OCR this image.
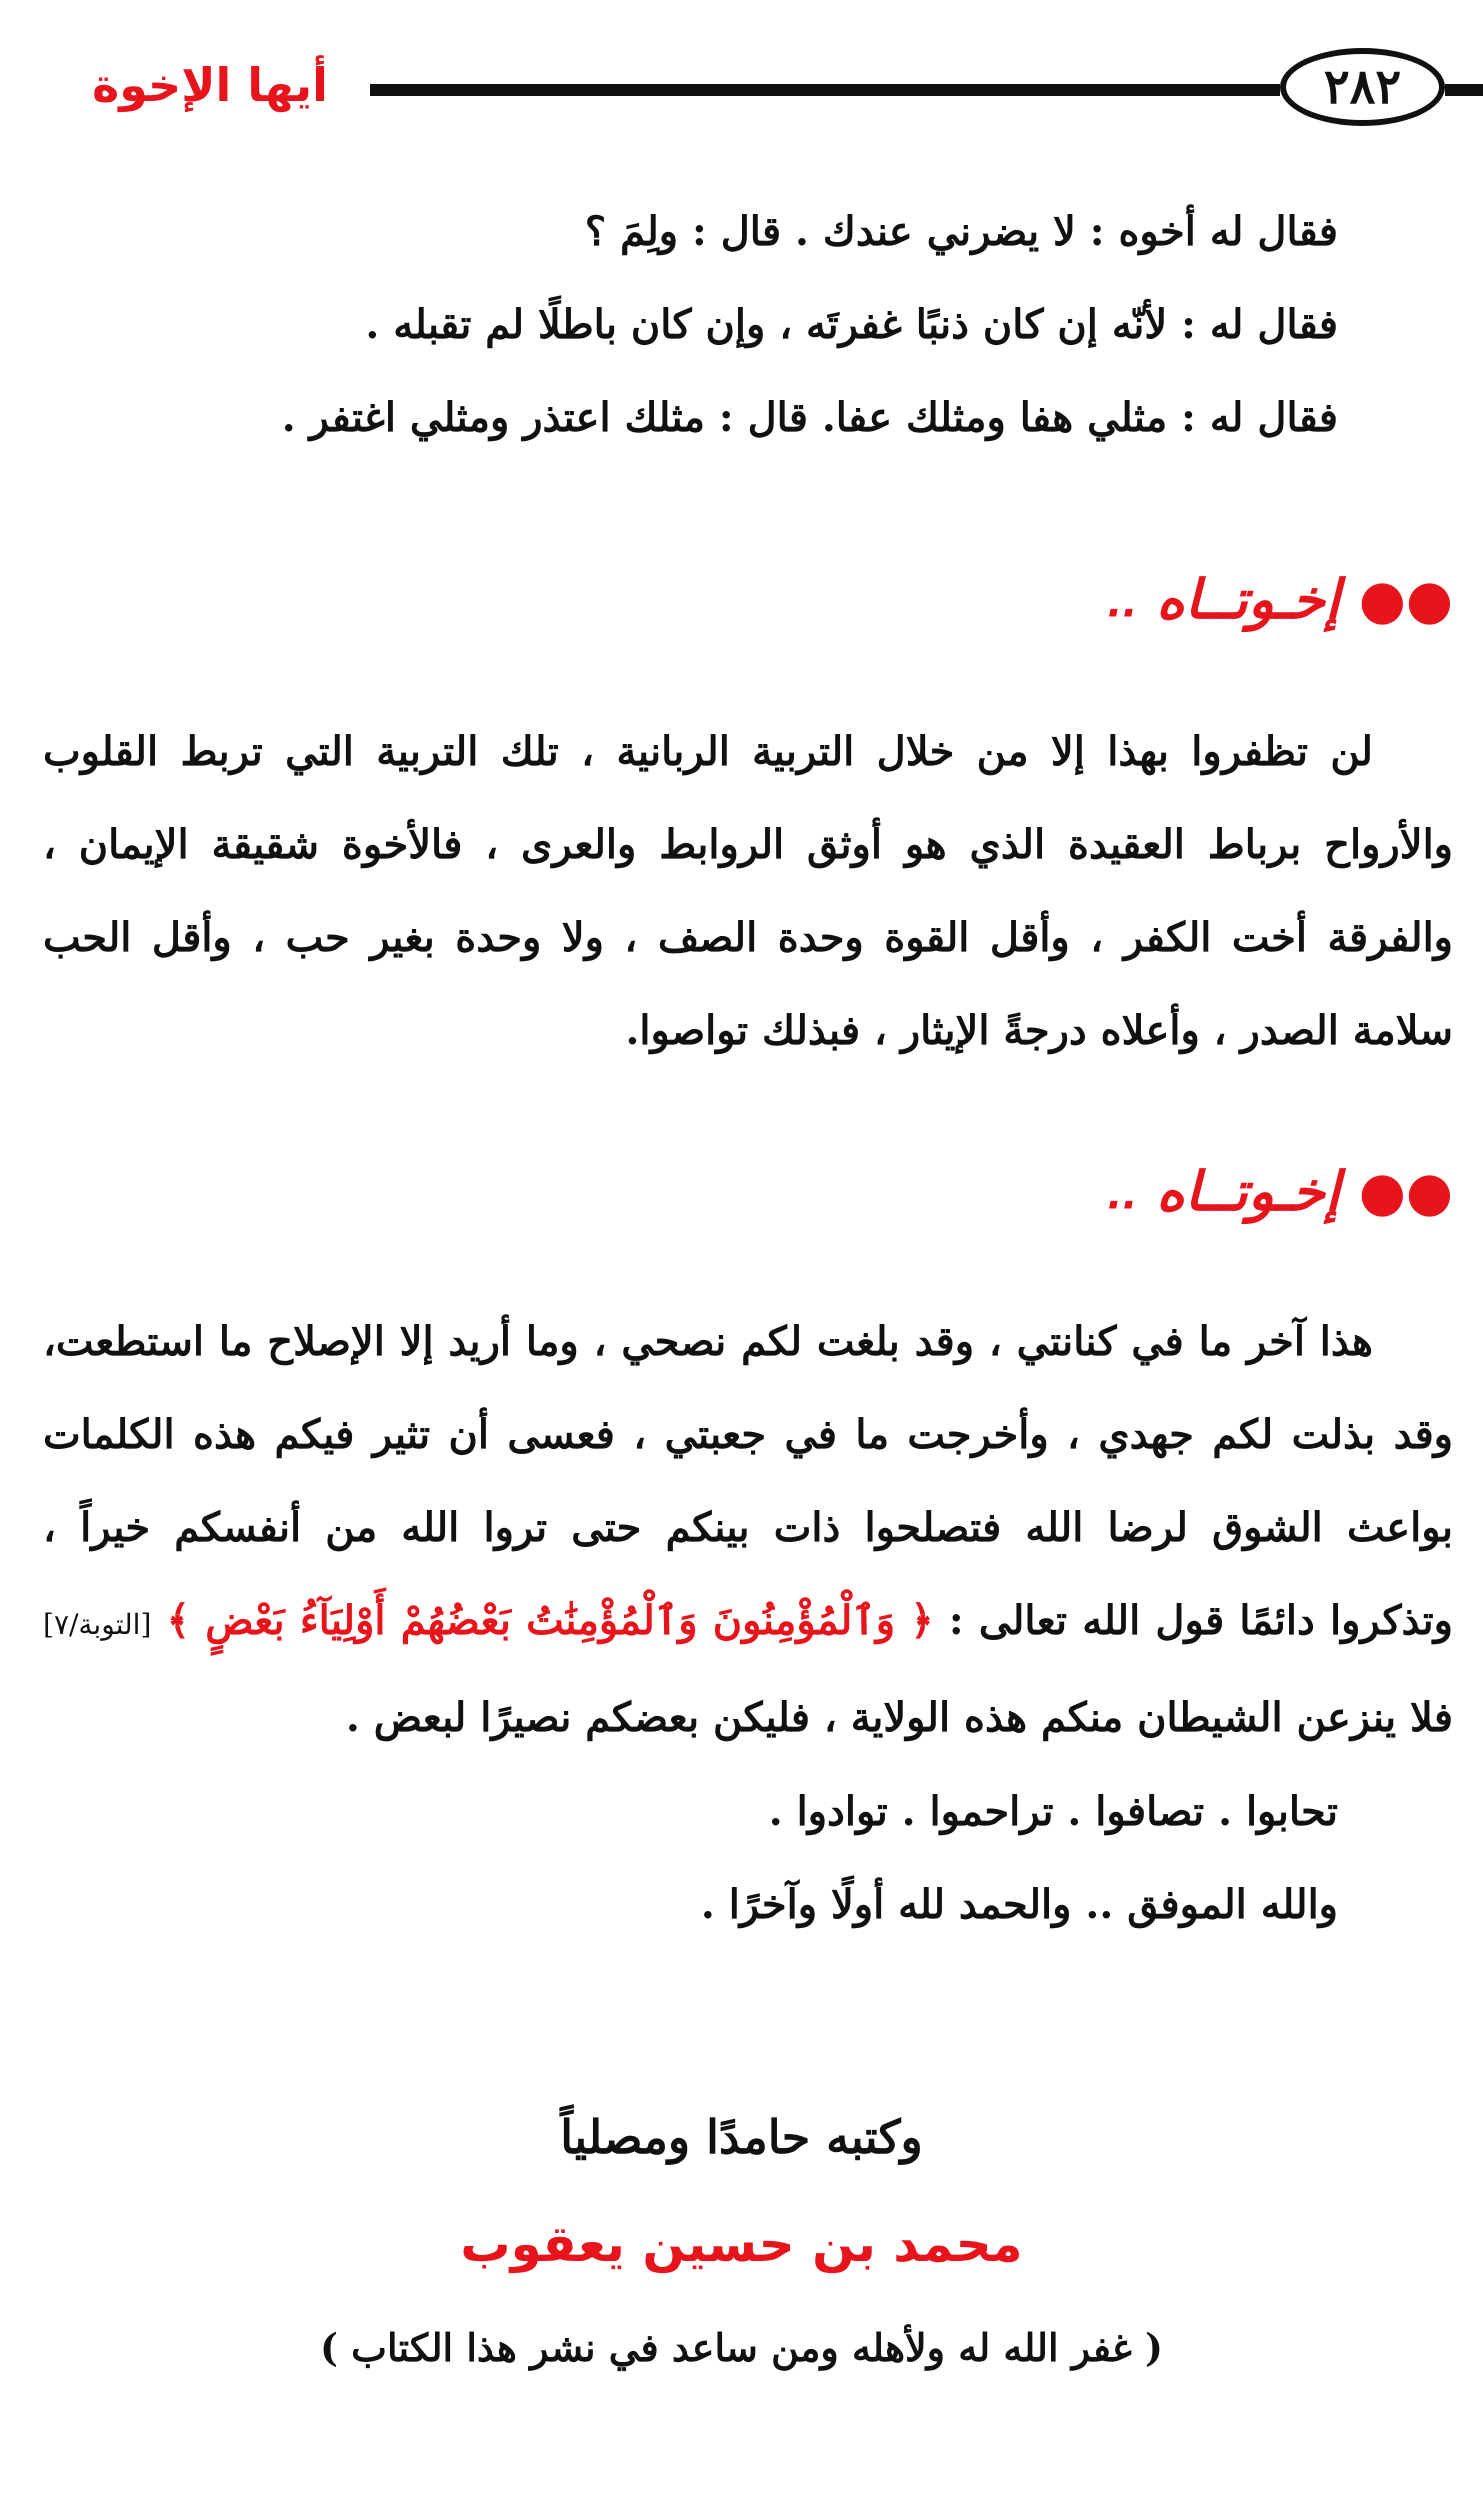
أيها الإخوة	٢٨٢

فقال له أخوه : لا يضرني عندك . قال : ولِمَ ؟

فقال له : لأنّه إن كان ذنبًا غفرتَه ، وإن كان باطلًا لم تقبله .

فقال له : مثلي هفا ومثلك عفا. قال : مثلك اعتذر ومثلي اغتفر .

●● إخـوتــاه ..
لن تظفروا بهذا إلا من خلال التربية الربانية ، تلك التربية التي تربط القلوب والأرواح برباط العقيدة الذي هو أوثق الروابط والعرى ، فالأخوة شقيقة الإيمان ، والفرقة أخت الكفر ، وأقل القوة وحدة الصف ، ولا وحدة بغير حب ، وأقل الحب سلامة الصدر ، وأعلاه درجةً الإيثار ، فبذلك تواصوا.
●● إخـوتــاه ..
هذا آخر ما في كنانتي ، وقد بلغت لكم نصحي ، وما أريد إلا الإصلاح ما استطعت، وقد بذلت لكم جهدي ، وأخرجت ما في جعبتي ، فعسى أن تثير فيكم هذه الكلمات بواعث الشوق لرضا الله فتصلحوا ذات بينكم حتى تروا الله من أنفسكم خيراً ، وتذكروا دائمًا قول الله تعالى : ﴿ وَٱلْمُؤْمِنُونَ وَٱلْمُؤْمِنَٰتُ بَعْضُهُمْ أَوْلِيَآءُ بَعْضٍ ﴾ [التوبة/٧] فلا ينزعن الشيطان منكم هذه الولاية ، فليكن بعضكم نصيرًا لبعض .

تحابوا . تصافوا . تراحموا . توادوا .

والله الموفق .. والحمد لله أولًا وآخرًا .

وكتبه حامدًا ومصلياً
محمد بن حسين يعقوب
( غفر الله له ولأهله ومن ساعد في نشر هذا الكتاب )
